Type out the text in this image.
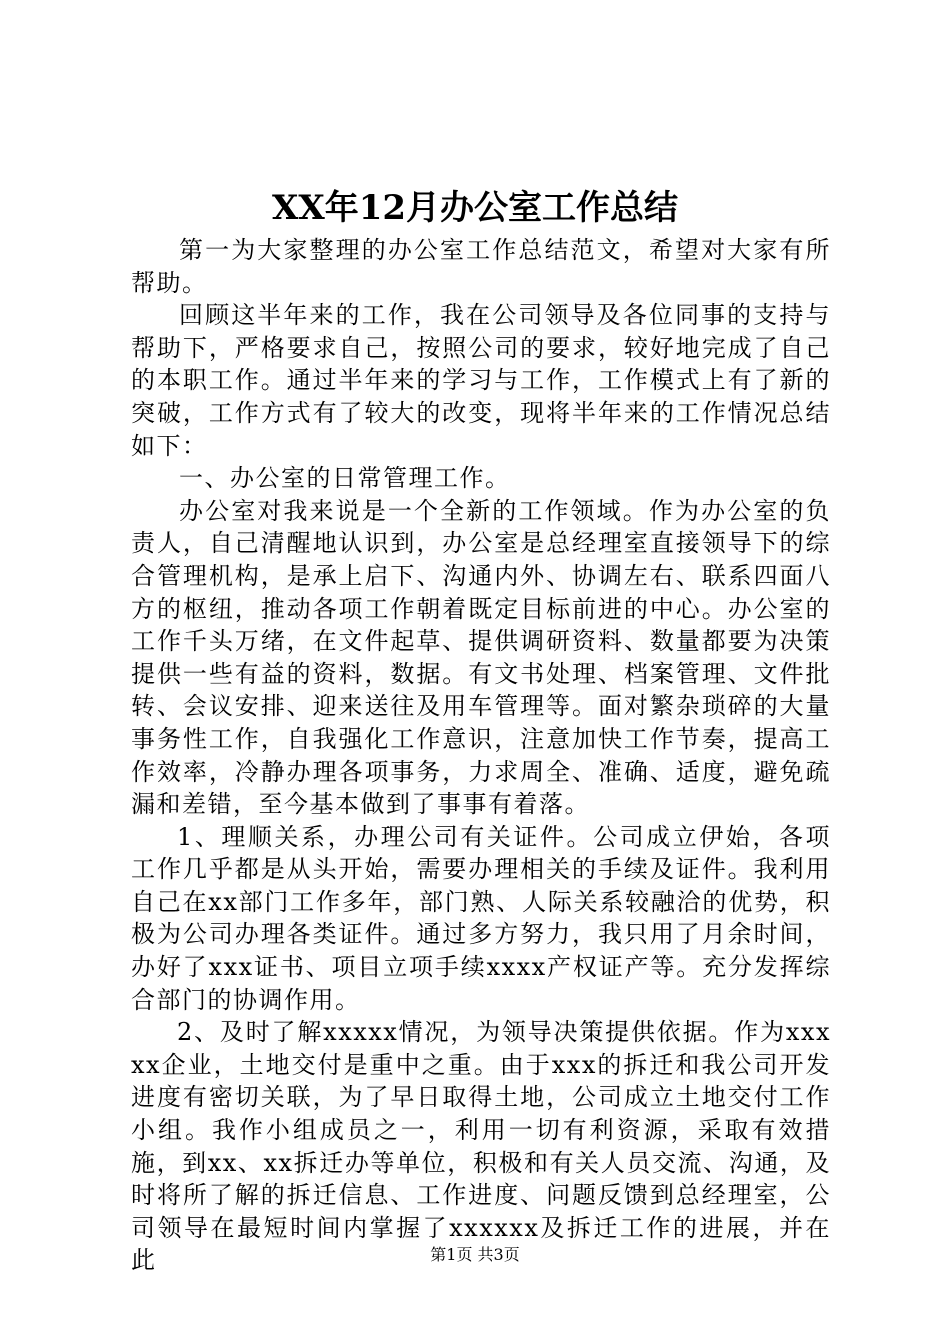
XX年12月办公室工作总结

第一为大家整理的办公室工作总结范文，希望对大家有所帮助。

回顾这半年来的工作，我在公司领导及各位同事的支持与帮助下，严格要求自己，按照公司的要求，较好地完成了自己的本职工作。通过半年来的学习与工作，工作模式上有了新的突破，工作方式有了较大的改变，现将半年来的工作情况总结如下：

一、办公室的日常管理工作。

办公室对我来说是一个全新的工作领域。作为办公室的负责人，自己清醒地认识到，办公室是总经理室直接领导下的综合管理机构，是承上启下、沟通内外、协调左右、联系四面八方的枢纽，推动各项工作朝着既定目标前进的中心。办公室的工作千头万绪，在文件起草、提供调研资料、数量都要为决策提供一些有益的资料，数据。有文书处理、档案管理、文件批转、会议安排、迎来送往及用车管理等。面对繁杂琐碎的大量事务性工作，自我强化工作意识，注意加快工作节奏，提高工作效率，冷静办理各项事务，力求周全、准确、适度，避免疏漏和差错，至今基本做到了事事有着落。

1、理顺关系，办理公司有关证件。公司成立伊始，各项工作几乎都是从头开始，需要办理相关的手续及证件。我利用自己在xx部门工作多年，部门熟、人际关系较融洽的优势，积极为公司办理各类证件。通过多方努力，我只用了月余时间，办好了xxx证书、项目立项手续xxxx产权证产等。充分发挥综合部门的协调作用。

2、及时了解xxxxx情况，为领导决策提供依据。作为xxxxx企业，土地交付是重中之重。由于xxx的拆迁和我公司开发进度有密切关联，为了早日取得土地，公司成立土地交付工作小组。我作小组成员之一，利用一切有利资源，采取有效措施，到xx、xx拆迁办等单位，积极和有关人员交流、沟通，及时将所了解的拆迁信息、工作进度、问题反馈到总经理室，公司领导在最短时间内掌握了xxxxxx及拆迁工作的进展，并在此	第1页 共3页
